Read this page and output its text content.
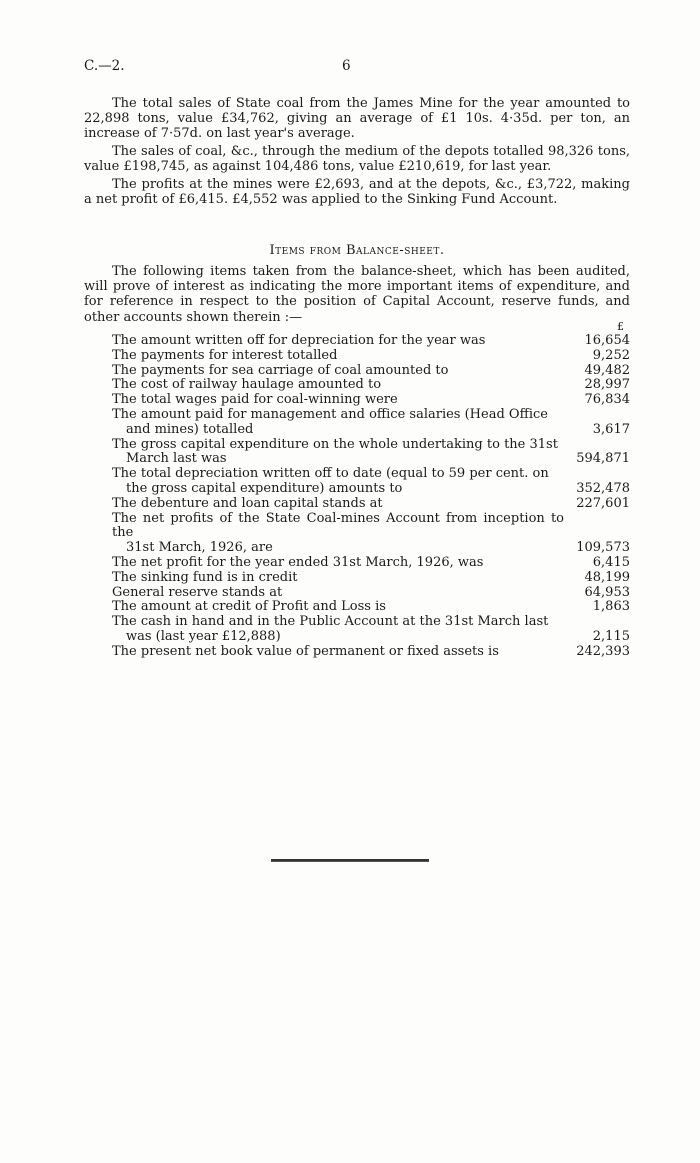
C.—2.	6

The total sales of State coal from the James Mine for the year amounted to 22,898 tons, value £34,762, giving an average of £1 10s. 4·35d. per ton, an increase of 7·57d. on last year's average.

The sales of coal, &c., through the medium of the depots totalled 98,326 tons, value £198,745, as against 104,486 tons, value £210,619, for last year.

The profits at the mines were £2,693, and at the depots, &c., £3,722, making a net profit of £6,415. £4,552 was applied to the Sinking Fund Account.

Items from Balance-sheet.

The following items taken from the balance-sheet, which has been audited, will prove of interest as indicating the more important items of expenditure, and for reference in respect to the position of Capital Account, reserve funds, and other accounts shown therein :—

£
The amount written off for depreciation for the year was	16,654
The payments for interest totalled	9,252
The payments for sea carriage of coal amounted to	49,482
The cost of railway haulage amounted to	28,997
The total wages paid for coal-winning were	76,834
The amount paid for management and office salaries (Head Office
and mines) totalled	3,617
The gross capital expenditure on the whole undertaking to the 31st
March last was	594,871
The total depreciation written off to date (equal to 59 per cent. on
the gross capital expenditure) amounts to	352,478
The debenture and loan capital stands at	227,601
The net profits of the State Coal-mines Account from inception to the
31st March, 1926, are	109,573
The net profit for the year ended 31st March, 1926, was	6,415
The sinking fund is in credit	48,199
General reserve stands at	64,953
The amount at credit of Profit and Loss is	1,863
The cash in hand and in the Public Account at the 31st March last
was (last year £12,888)	2,115
The present net book value of permanent or fixed assets is	242,393
